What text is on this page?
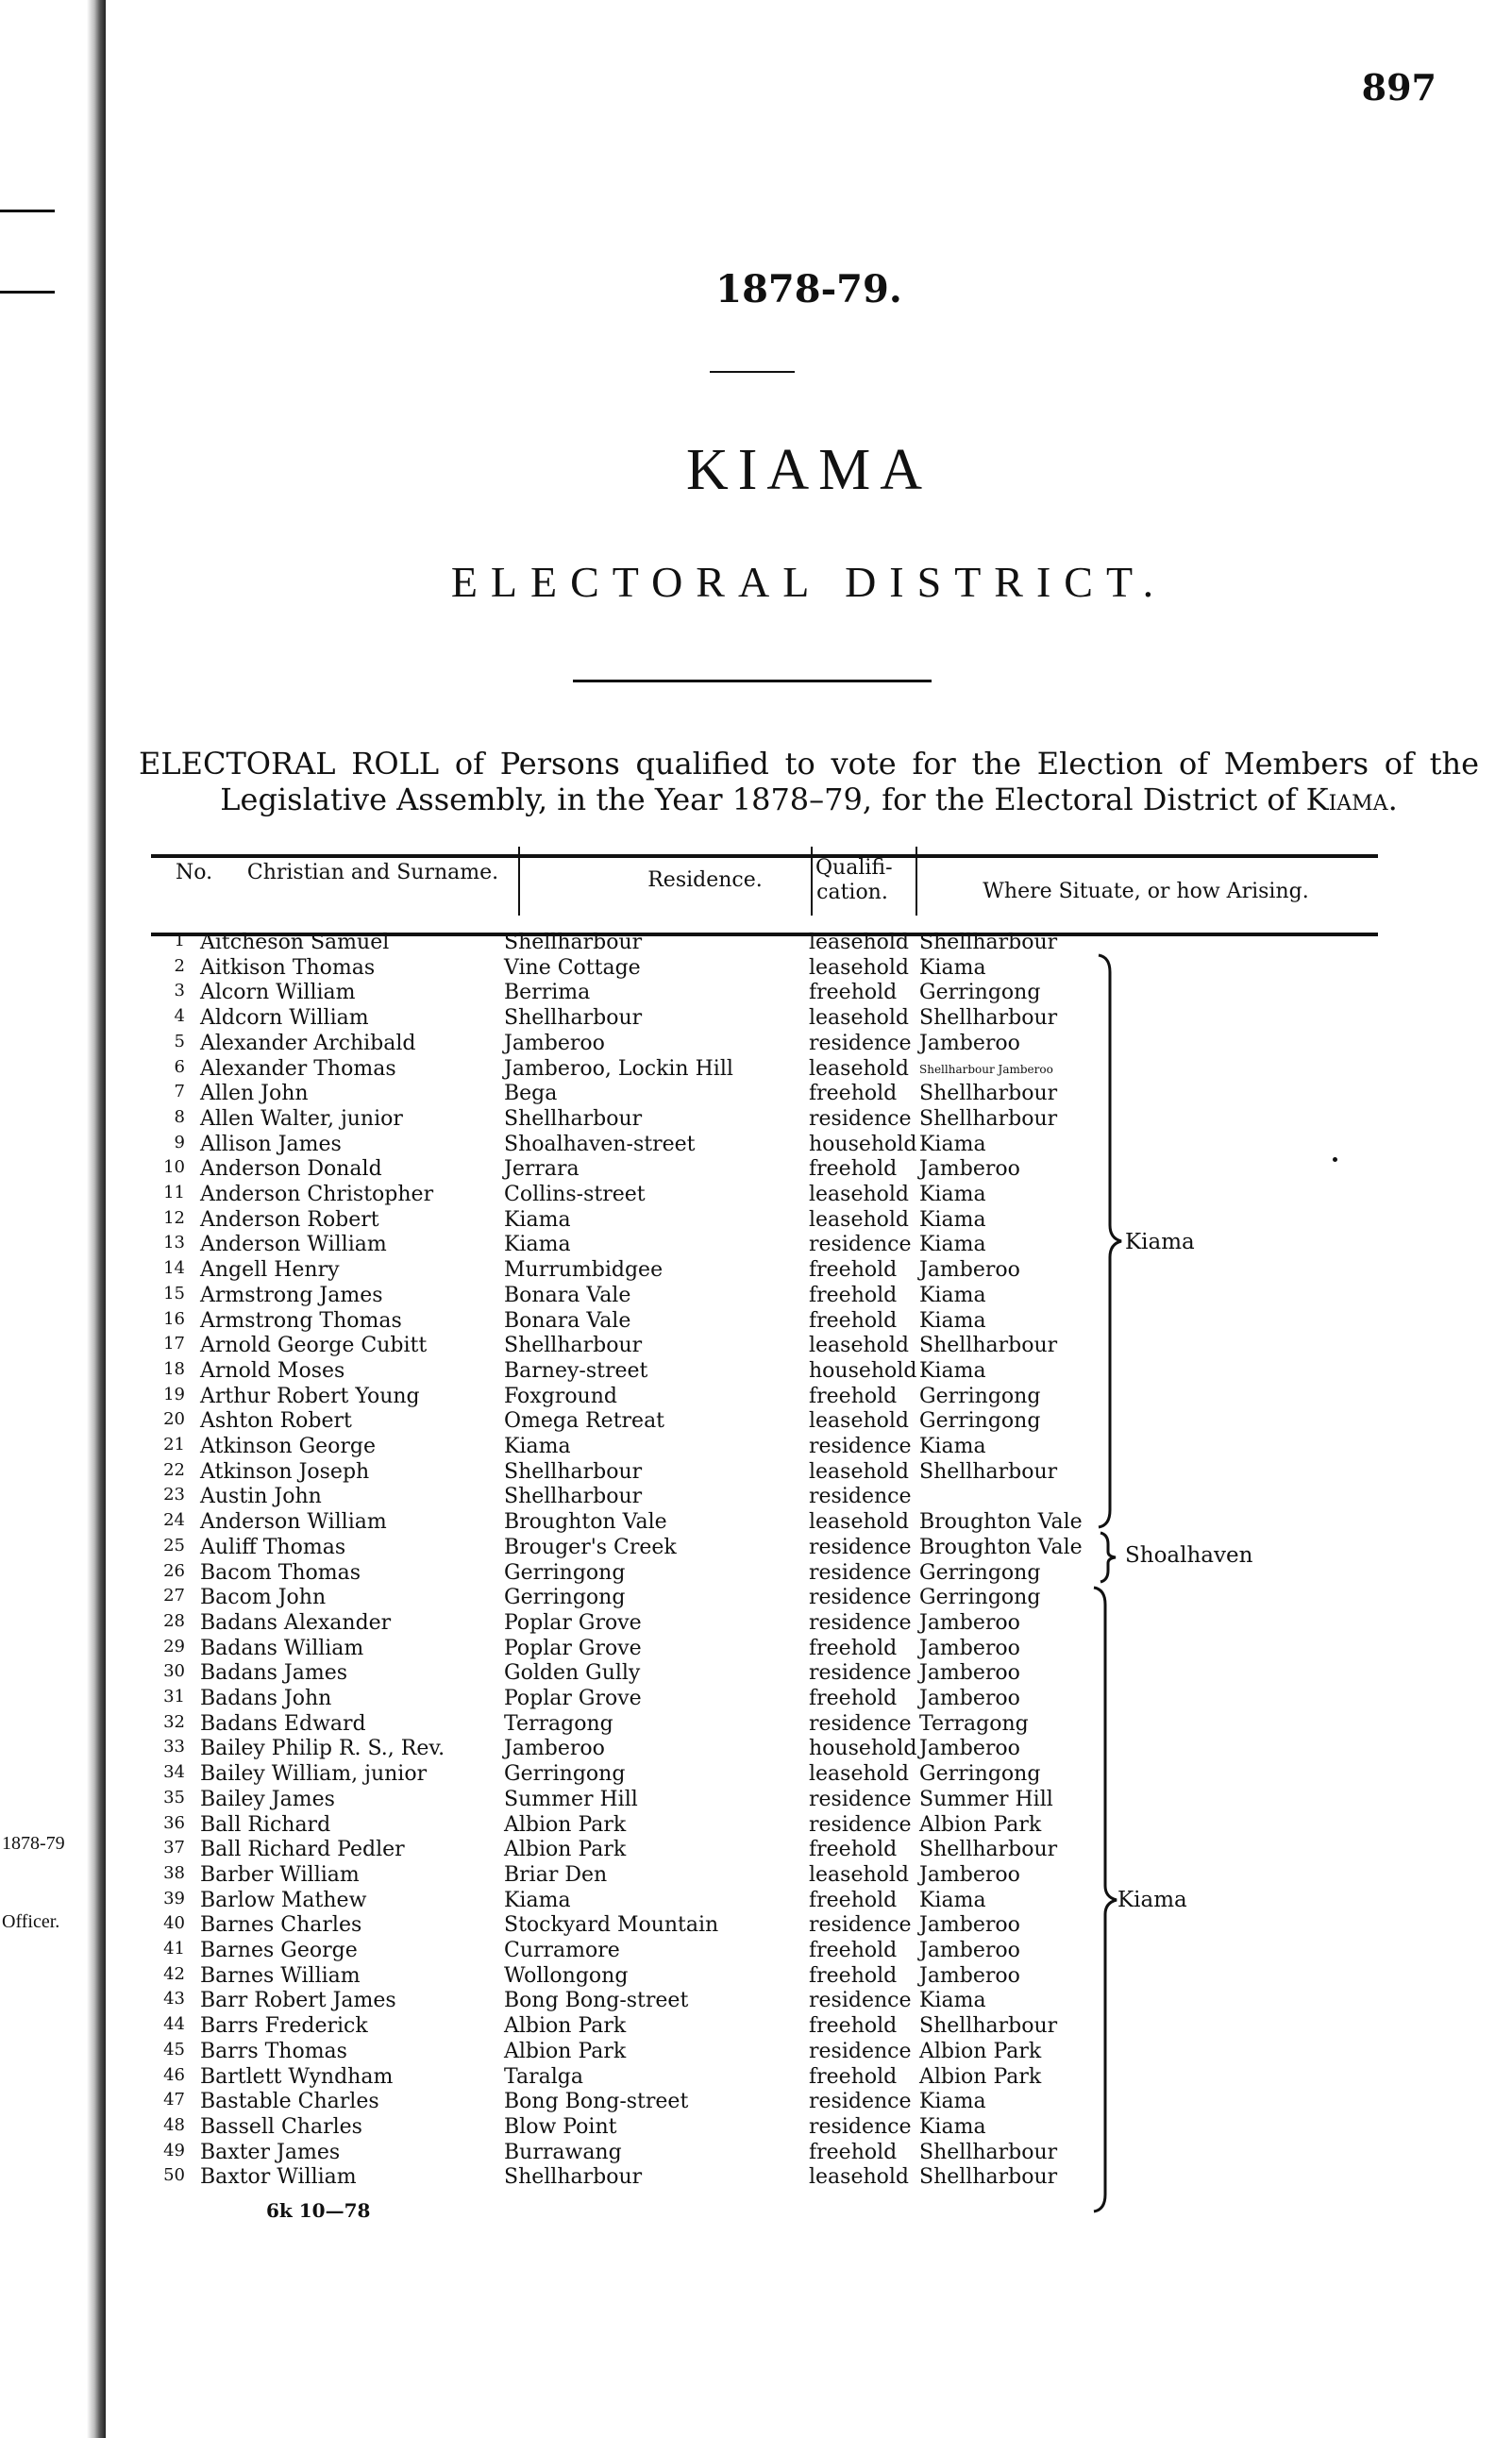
1878-79
Officer.
897
1878-79.
KIAMA
ELECTORAL DISTRICT.
ELECTORAL ROLL of Persons qualified to vote for the Election of Members of the Legislative Assembly, in the Year 1878–79, for the Electoral District of Kiama.
No. Christian and Surname.	Residence.
Qualifi-cation.	Where Situate, or how Arising.
1 Aitcheson Samuel	Shellharbour	leasehold Shellharbour
2 Aitkison Thomas	Vine Cottage	leasehold Kiama
3 Alcorn William	Berrima	freehold Gerringong
4 Aldcorn William	Shellharbour	leasehold Shellharbour
5 Alexander Archibald	Jamberoo	residence Jamberoo
6 Alexander Thomas	Jamberoo, Lockin Hill	leasehold Shellharbour Jamberoo
7 Allen John	Bega	freehold Shellharbour
8 Allen Walter, junior	Shellharbour	residence Shellharbour
9 Allison James	Shoalhaven-street	household Kiama
10 Anderson Donald	Jerrara	freehold Jamberoo
11 Anderson Christopher	Collins-street	leasehold Kiama
12 Anderson Robert	Kiama	leasehold Kiama
13 Anderson William	Kiama	residence Kiama
14 Angell Henry	Murrumbidgee	freehold Jamberoo
15 Armstrong James	Bonara Vale	freehold Kiama
16 Armstrong Thomas	Bonara Vale	freehold Kiama
17 Arnold George Cubitt	Shellharbour	leasehold Shellharbour
18 Arnold Moses	Barney-street	household Kiama
19 Arthur Robert Young	Foxground	freehold Gerringong
20 Ashton Robert	Omega Retreat	leasehold Gerringong
21 Atkinson George	Kiama	residence Kiama
22 Atkinson Joseph	Shellharbour	leasehold Shellharbour
23 Austin John	Shellharbour	residence
24 Anderson William	Broughton Vale	leasehold Broughton Vale
25 Auliff Thomas	Brouger's Creek	residence Broughton Vale
26 Bacom Thomas	Gerringong	residence Gerringong
27 Bacom John	Gerringong	residence Gerringong
28 Badans Alexander	Poplar Grove	residence Jamberoo
29 Badans William	Poplar Grove	freehold Jamberoo
30 Badans James	Golden Gully	residence Jamberoo
31 Badans John	Poplar Grove	freehold Jamberoo
32 Badans Edward	Terragong	residence Terragong
33 Bailey Philip R. S., Rev.	Jamberoo	household Jamberoo
34 Bailey William, junior	Gerringong	leasehold Gerringong
35 Bailey James	Summer Hill	residence Summer Hill
36 Ball Richard	Albion Park	residence Albion Park
37 Ball Richard Pedler	Albion Park	freehold Shellharbour
38 Barber William	Briar Den	leasehold Jamberoo
39 Barlow Mathew	Kiama	freehold Kiama
40 Barnes Charles	Stockyard Mountain	residence Jamberoo
41 Barnes George	Curramore	freehold Jamberoo
42 Barnes William	Wollongong	freehold Jamberoo
43 Barr Robert James	Bong Bong-street	residence Kiama
44 Barrs Frederick	Albion Park	freehold Shellharbour
45 Barrs Thomas	Albion Park	residence Albion Park
46 Bartlett Wyndham	Taralga	freehold Albion Park
47 Bastable Charles	Bong Bong-street	residence Kiama
48 Bassell Charles	Blow Point	residence Kiama
49 Baxter James	Burrawang	freehold Shellharbour
50 Baxtor William	Shellharbour	leasehold Shellharbour
Kiama
Shoalhaven
Kiama
6k 10—78
